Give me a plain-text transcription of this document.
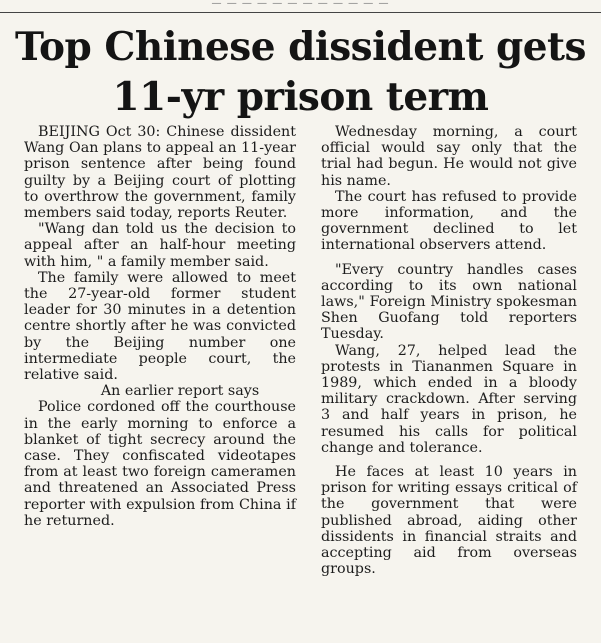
— — — — — — — — — — — —
Top Chinese dissident gets 11-yr prison term

BEIJING Oct 30: Chinese dissident Wang Oan plans to appeal an 11-year prison sentence after being found guilty by a Beijing court of plotting to overthrow the government, family members said today, reports Reuter.

"Wang dan told us the decision to appeal after an half-hour meeting with him, " a family member said.

The family were allowed to meet the 27-year-old former student leader for 30 minutes in a detention centre shortly after he was convicted by the Beijing number one intermediate people court, the relative said.

An earlier report says

Police cordoned off the courthouse in the early morning to enforce a blanket of tight secrecy around the case. They confiscated videotapes from at least two foreign cameramen and threatened an Associated Press reporter with expulsion from China if he returned.

Wednesday morning, a court official would say only that the trial had begun. He would not give his name.

The court has refused to provide more information, and the government declined to let international observers attend.

"Every country handles cases according to its own national laws," Foreign Ministry spokesman Shen Guofang told reporters Tuesday.

Wang, 27, helped lead the protests in Tiananmen Square in 1989, which ended in a bloody military crackdown. After serving 3 and half years in prison, he resumed his calls for political change and tolerance.

He faces at least 10 years in prison for writing essays critical of the government that were published abroad, aiding other dissidents in financial straits and accepting aid from overseas groups.
